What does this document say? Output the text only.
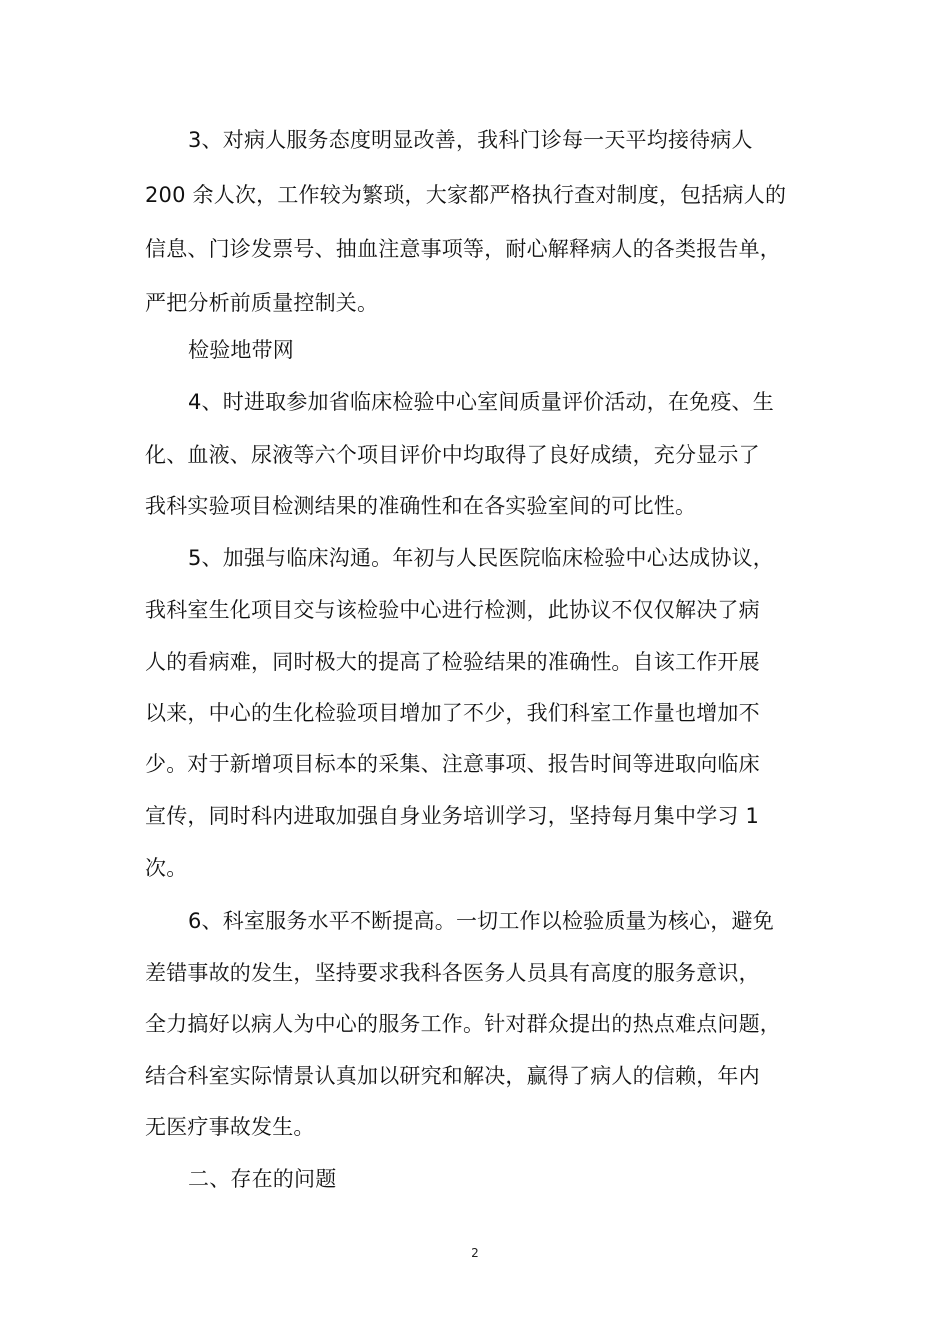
3、对病人服务态度明显改善，我科门诊每一天平均接待病人
200 余人次，工作较为繁琐，大家都严格执行查对制度，包括病人的
信息、门诊发票号、抽血注意事项等，耐心解释病人的各类报告单，
严把分析前质量控制关。
检验地带网
4、时进取参加省临床检验中心室间质量评价活动，在免疫、生
化、血液、尿液等六个项目评价中均取得了良好成绩，充分显示了
我科实验项目检测结果的准确性和在各实验室间的可比性。
5、加强与临床沟通。年初与人民医院临床检验中心达成协议，
我科室生化项目交与该检验中心进行检测，此协议不仅仅解决了病
人的看病难，同时极大的提高了检验结果的准确性。自该工作开展
以来，中心的生化检验项目增加了不少，我们科室工作量也增加不
少。对于新增项目标本的采集、注意事项、报告时间等进取向临床
宣传，同时科内进取加强自身业务培训学习，坚持每月集中学习 1
次。
6、科室服务水平不断提高。一切工作以检验质量为核心，避免
差错事故的发生，坚持要求我科各医务人员具有高度的服务意识，
全力搞好以病人为中心的服务工作。针对群众提出的热点难点问题，
结合科室实际情景认真加以研究和解决，赢得了病人的信赖，年内
无医疗事故发生。
二、存在的问题
2
